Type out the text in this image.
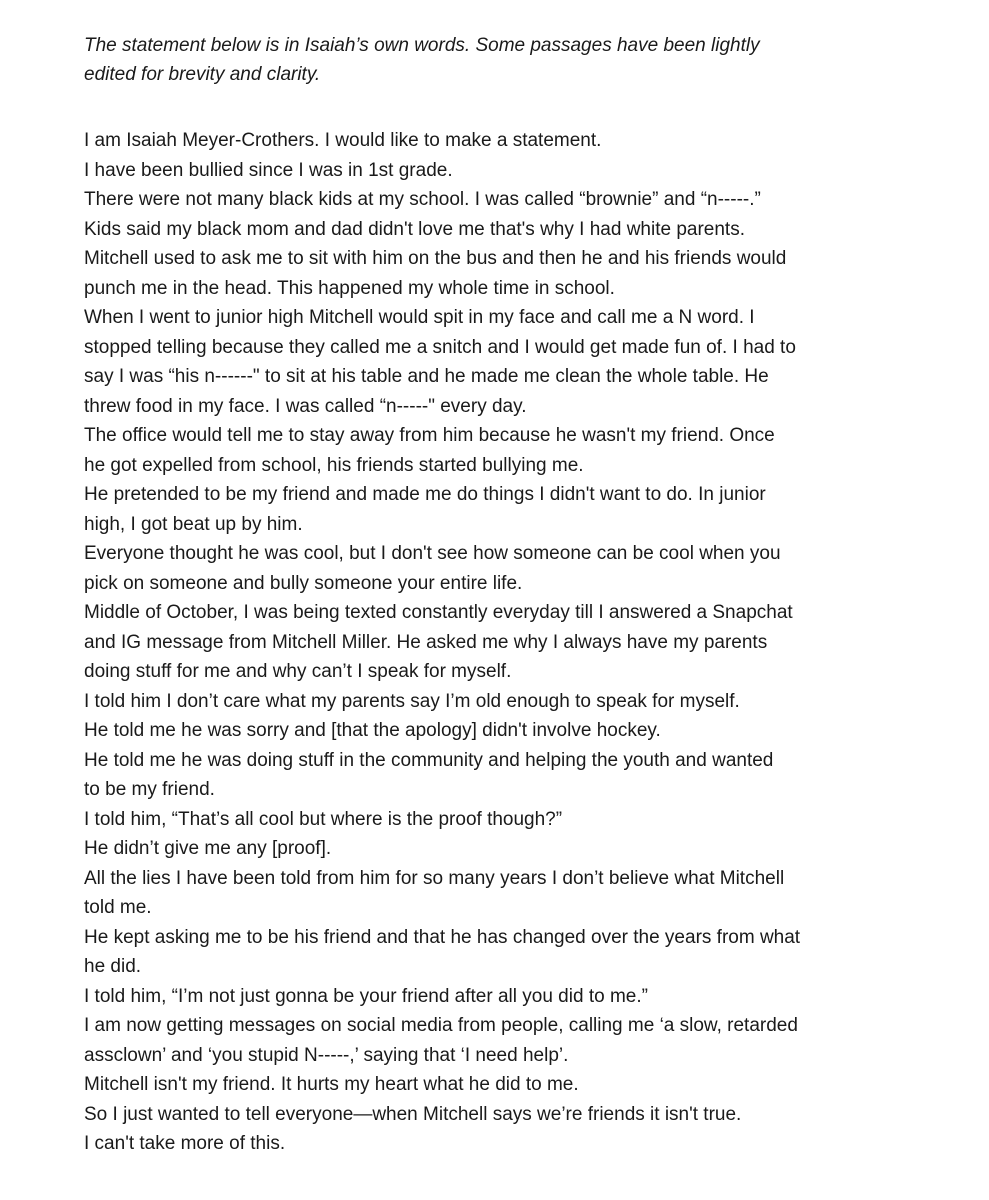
The statement below is in Isaiah’s own words. Some passages have been lightly
edited for brevity and clarity.

I am Isaiah Meyer-Crothers. I would like to make a statement.
I have been bullied since I was in 1st grade.
There were not many black kids at my school. I was called “brownie” and “n-----.”
Kids said my black mom and dad didn't love me that's why I had white parents.
Mitchell used to ask me to sit with him on the bus and then he and his friends would
punch me in the head. This happened my whole time in school.
When I went to junior high Mitchell would spit in my face and call me a N word. I
stopped telling because they called me a snitch and I would get made fun of. I had to
say I was “his n------" to sit at his table and he made me clean the whole table. He
threw food in my face. I was called “n-----" every day.
The office would tell me to stay away from him because he wasn't my friend. Once
he got expelled from school, his friends started bullying me.
He pretended to be my friend and made me do things I didn't want to do. In junior
high, I got beat up by him.
Everyone thought he was cool, but I don't see how someone can be cool when you
pick on someone and bully someone your entire life.
Middle of October, I was being texted constantly everyday till I answered a Snapchat
and IG message from Mitchell Miller. He asked me why I always have my parents
doing stuff for me and why can’t I speak for myself.
I told him I don’t care what my parents say I’m old enough to speak for myself.
He told me he was sorry and [that the apology] didn't involve hockey.
He told me he was doing stuff in the community and helping the youth and wanted
to be my friend.
I told him, “That’s all cool but where is the proof though?”
He didn’t give me any [proof].
All the lies I have been told from him for so many years I don’t believe what Mitchell
told me.
He kept asking me to be his friend and that he has changed over the years from what
he did.
I told him, “I’m not just gonna be your friend after all you did to me.”
I am now getting messages on social media from people, calling me ‘a slow, retarded
assclown’ and ‘you stupid N-----,’ saying that ‘I need help’.
Mitchell isn't my friend. It hurts my heart what he did to me.
So I just wanted to tell everyone—when Mitchell says we’re friends it isn't true.
I can't take more of this.
